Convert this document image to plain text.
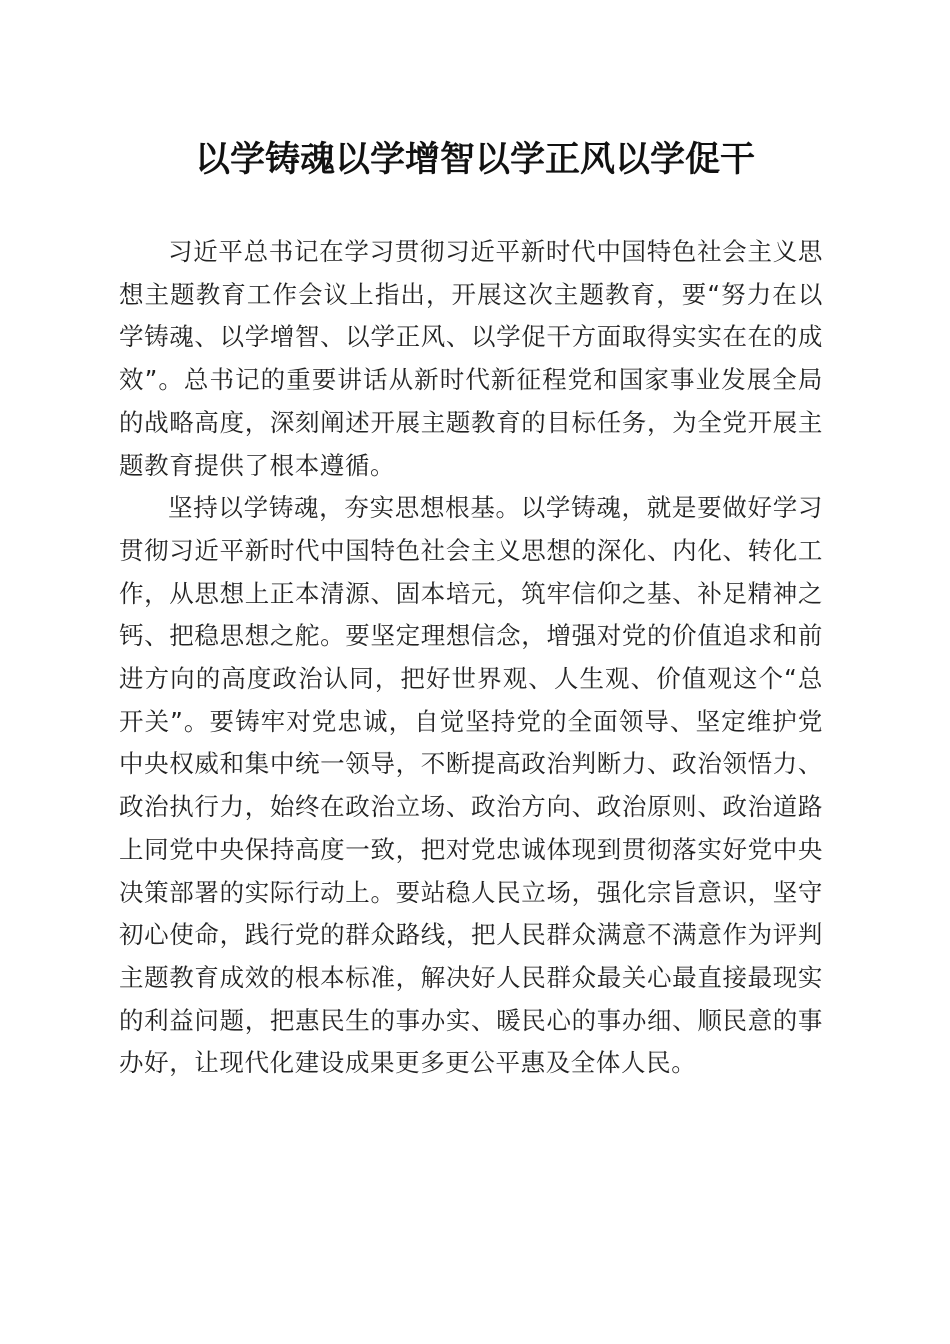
以学铸魂以学增智以学正风以学促干

习近平总书记在学习贯彻习近平新时代中国特色社会主义思想主题教育工作会议上指出，开展这次主题教育，要“努力在以学铸魂、以学增智、以学正风、以学促干方面取得实实在在的成效”。总书记的重要讲话从新时代新征程党和国家事业发展全局的战略高度，深刻阐述开展主题教育的目标任务，为全党开展主题教育提供了根本遵循。

坚持以学铸魂，夯实思想根基。以学铸魂，就是要做好学习贯彻习近平新时代中国特色社会主义思想的深化、内化、转化工作，从思想上正本清源、固本培元，筑牢信仰之基、补足精神之钙、把稳思想之舵。要坚定理想信念，增强对党的价值追求和前进方向的高度政治认同，把好世界观、人生观、价值观这个“总开关”。要铸牢对党忠诚，自觉坚持党的全面领导、坚定维护党中央权威和集中统一领导，不断提高政治判断力、政治领悟力、政治执行力，始终在政治立场、政治方向、政治原则、政治道路上同党中央保持高度一致，把对党忠诚体现到贯彻落实好党中央决策部署的实际行动上。要站稳人民立场，强化宗旨意识，坚守初心使命，践行党的群众路线，把人民群众满意不满意作为评判主题教育成效的根本标准，解决好人民群众最关心最直接最现实的利益问题，把惠民生的事办实、暖民心的事办细、顺民意的事办好，让现代化建设成果更多更公平惠及全体人民。
